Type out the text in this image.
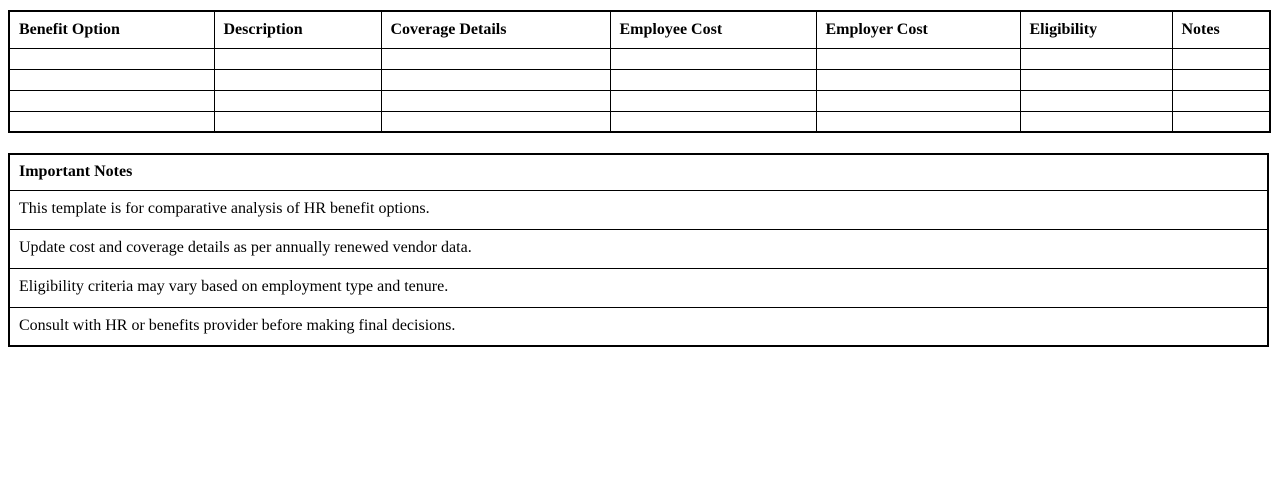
Benefit Option	Description	Coverage Details	Employee Cost	Employer Cost	Eligibility	Notes

Important Notes
This template is for comparative analysis of HR benefit options.
Update cost and coverage details as per annually renewed vendor data.
Eligibility criteria may vary based on employment type and tenure.
Consult with HR or benefits provider before making final decisions.
